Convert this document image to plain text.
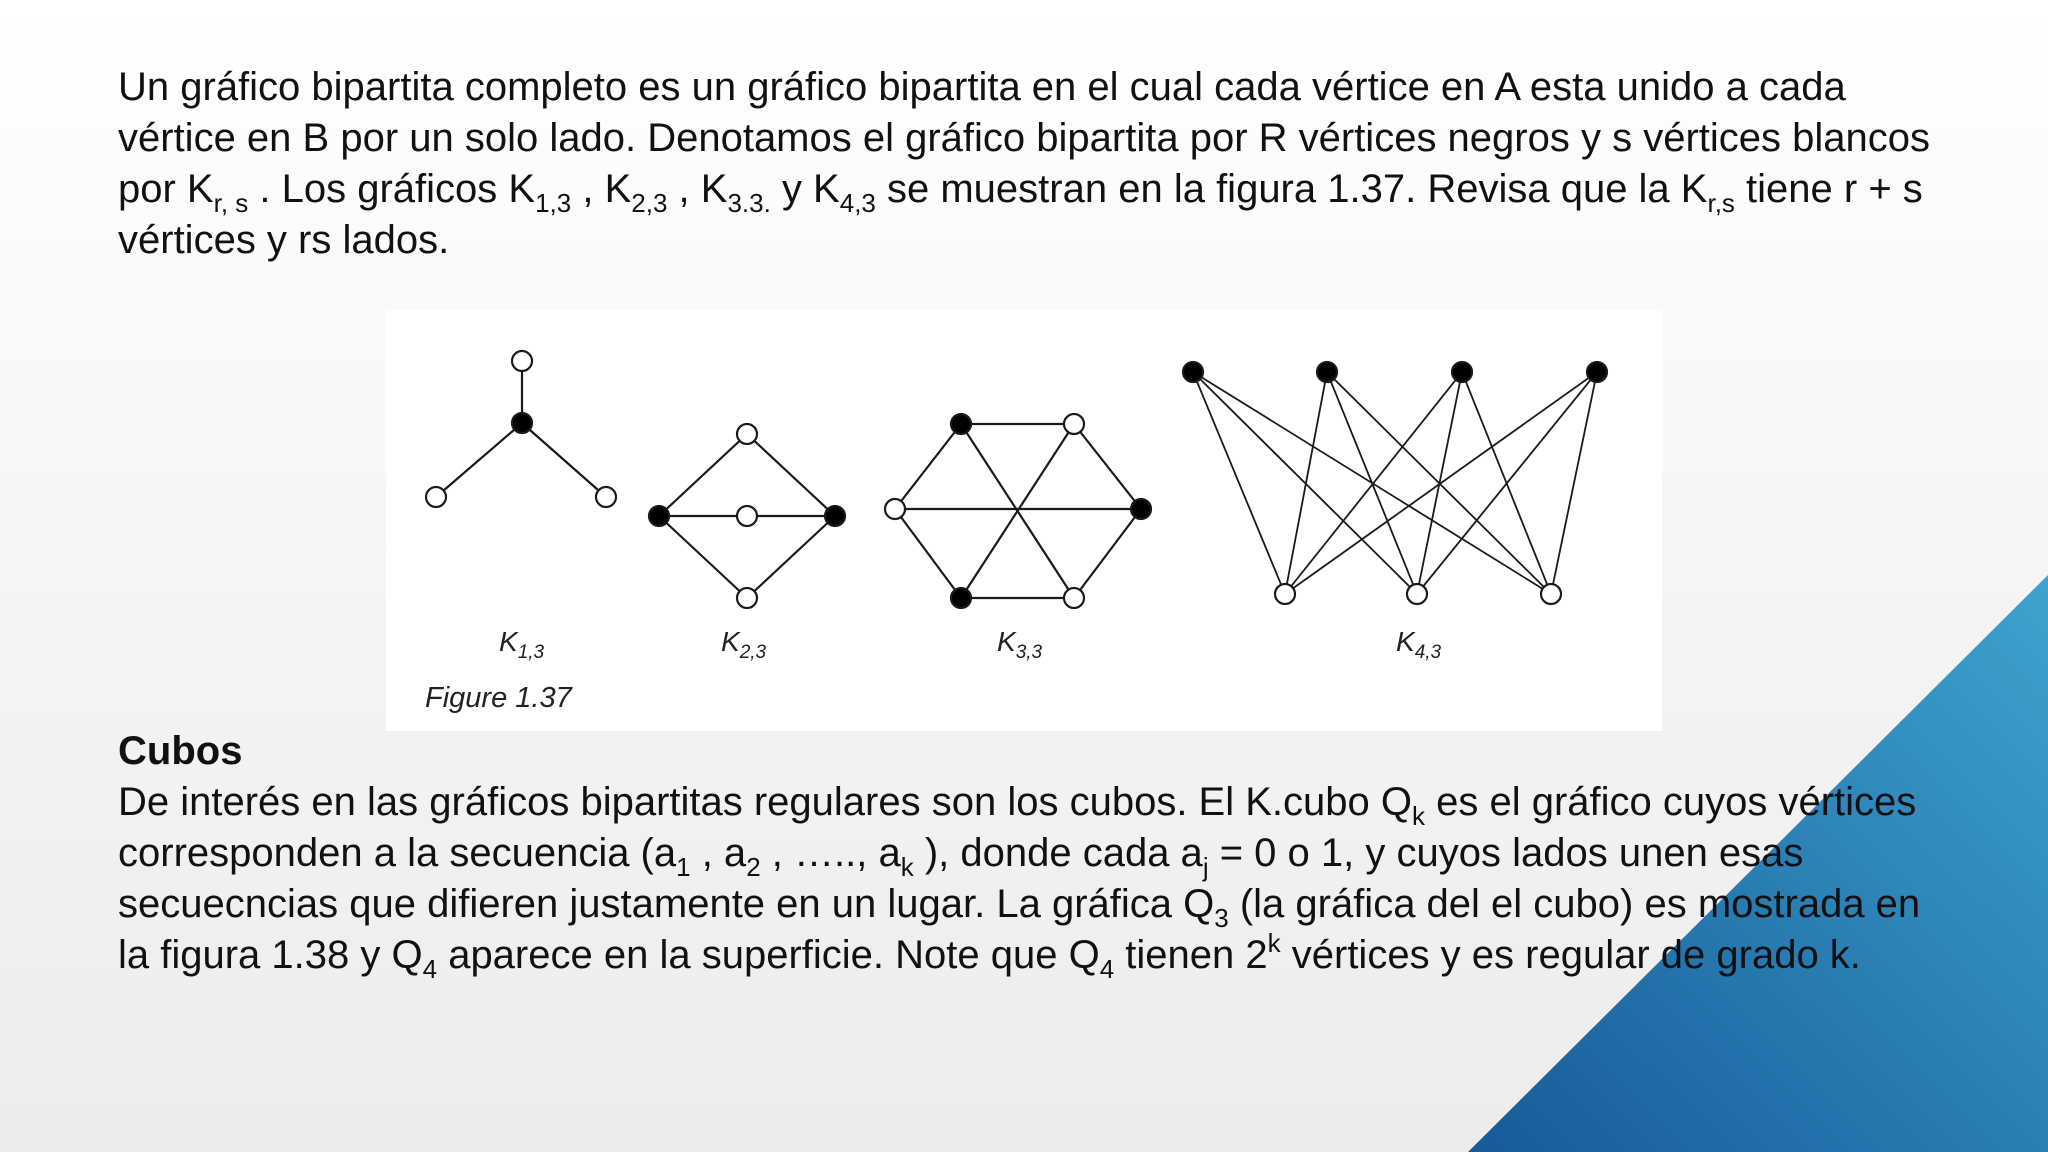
Un gráfico bipartita completo es un gráfico bipartita en el cual cada vértice en A esta unido a cada vértice en B por un solo lado. Denotamos el gráfico bipartita por R vértices negros y s vértices blancos por $K_{r, s}$ . Los gráficos $K_{1,3}$ , $K_{2,3}$ , $K_{3.3.}$ y $K_{4,3}$ se muestran en la figura 1.37. Revisa que la $K_{r,s}$ tiene r + s vértices y rs lados.

$K_{1,3}$	$K_{2,3}$	$K_{3,3}$	$K_{4,3}$
Figure 1.37

Cubos
De interés en las gráficos bipartitas regulares son los cubos. El K.cubo $Q_k$ es el gráfico cuyos vértices corresponden a la secuencia ($a_1$ , $a_2$ , ….., $a_k$ ), donde cada $a_j = 0$ o 1, y cuyos lados unen esas secuecncias que difieren justamente en un lugar. La gráfica $Q_3$ (la gráfica del el cubo) es mostrada en la figura 1.38 y $Q_4$ aparece en la superficie. Note que $Q_4$ tienen 2$^k$ vértices y es regular de grado k.
